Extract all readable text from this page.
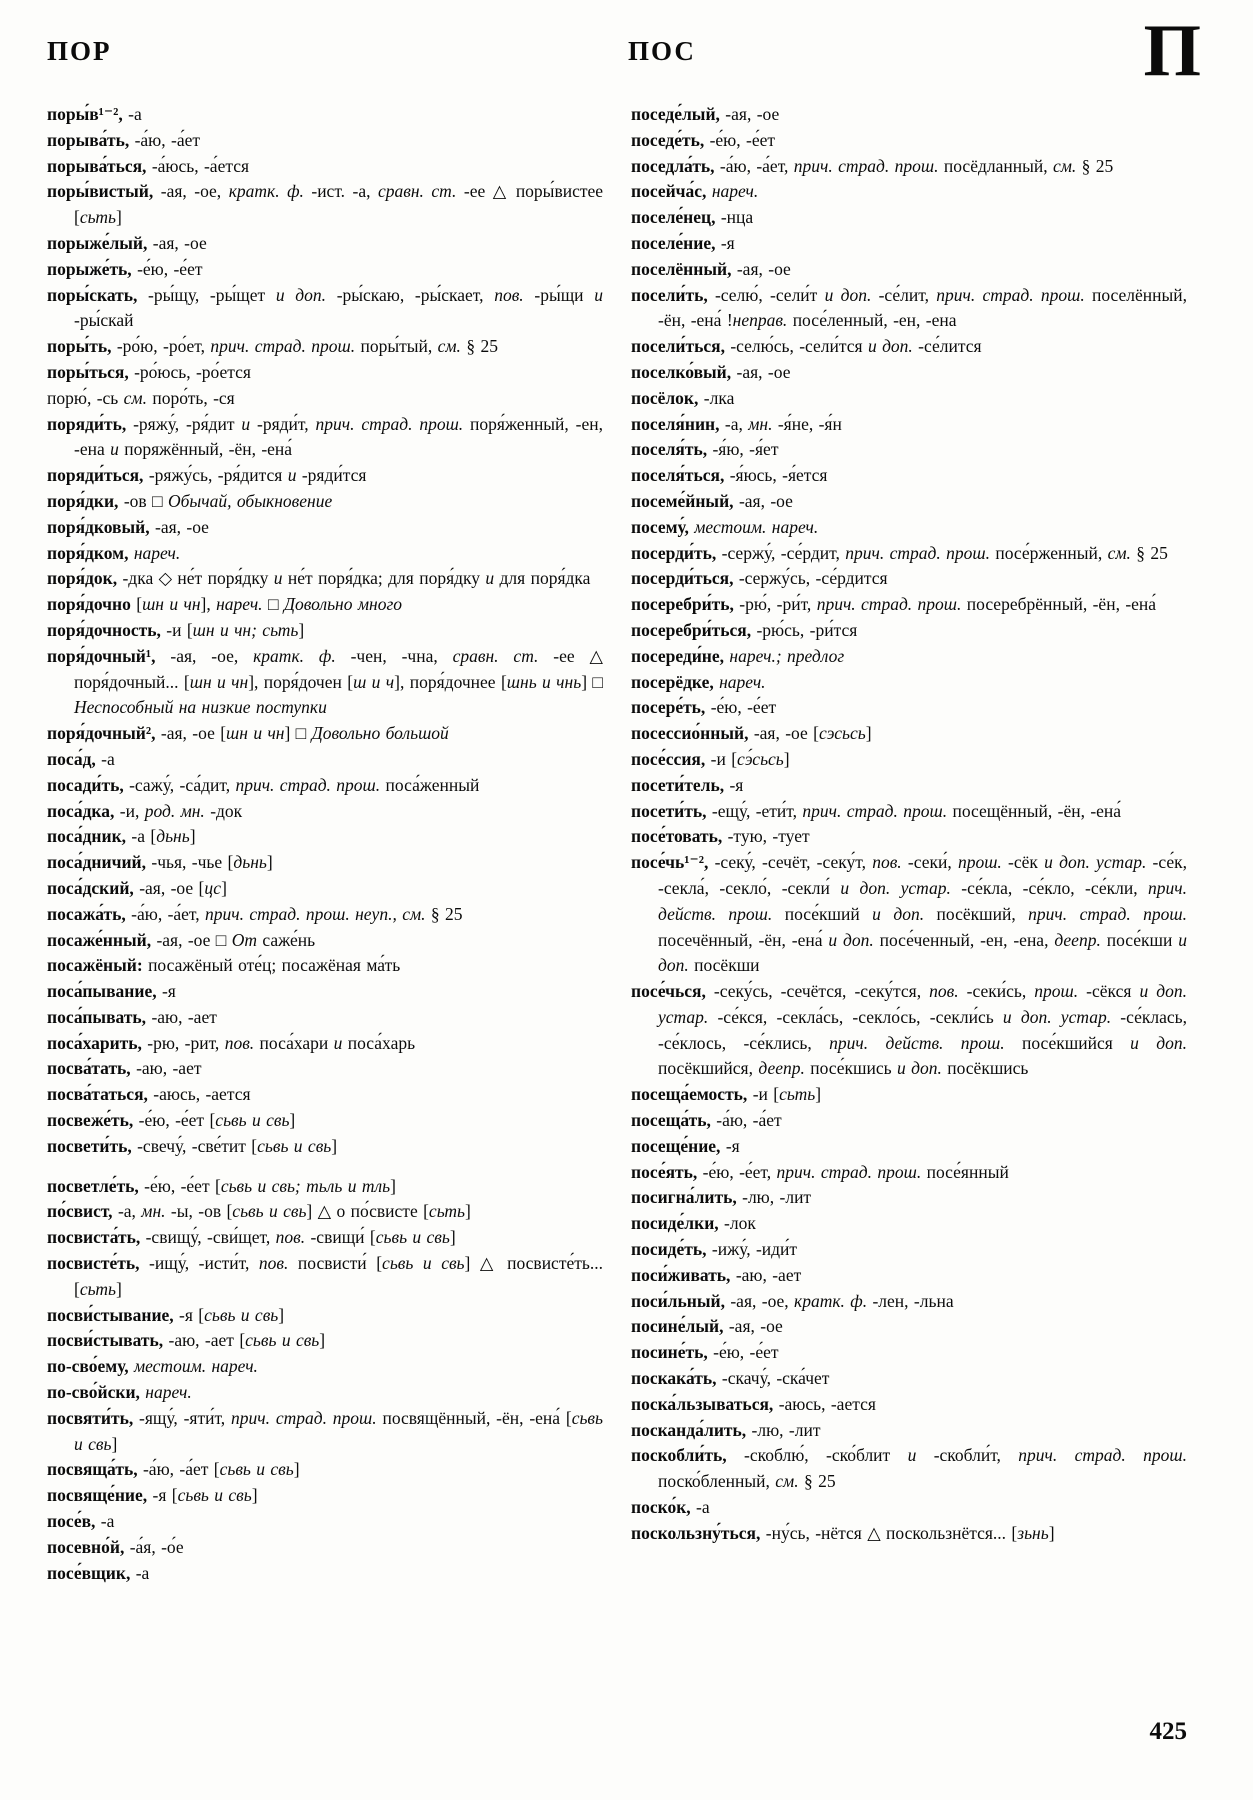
ПОР	ПОС	П

поры́в¹⁻², -а

порыва́ть, -а́ю, -а́ет

порыва́ться, -а́юсь, -а́ется

поры́вистый, -ая, -ое, кратк. ф. -ист. -а, сравн. ст. -ее △ поры́вистее [сьть]

порыже́лый, -ая, -ое

порыже́ть, -е́ю, -е́ет

поры́скать, -ры́щу, -ры́щет и доп. -ры́скаю, -ры́скает, пов. -ры́щи и -ры́скай

поры́ть, -ро́ю, -ро́ет, прич. страд. прош. поры́тый, см. § 25

поры́ться, -ро́юсь, -ро́ется

порю́, -сь см. поро́ть, -ся

поряди́ть, -ряжу́, -ря́дит и -ряди́т, прич. страд. прош. поря́женный, -ен, -ена и поряжённый, -ён, -ена́

поряди́ться, -ряжу́сь, -ря́дится и -ряди́тся

поря́дки, -ов □ Обычай, обыкновение

поря́дковый, -ая, -ое

поря́дком, нареч.

поря́док, -дка ◇ не́т поря́дку и не́т поря́дка; для поря́дку и для поря́дка

поря́дочно [шн и чн], нареч. □ Довольно много

поря́дочность, -и [шн и чн; сьть]

поря́дочный¹, -ая, -ое, кратк. ф. -чен, -чна, сравн. ст. -ее △ поря́дочный... [шн и чн], поря́дочен [ш и ч], поря́дочнее [шнь и чнь] □ Неспособный на низкие поступки

поря́дочный², -ая, -ое [шн и чн] □ Довольно большой

поса́д, -а

посади́ть, -сажу́, -са́дит, прич. страд. прош. поса́женный

поса́дка, -и, род. мн. -док

поса́дник, -а [дьнь]

поса́дничий, -чья, -чье [дьнь]

поса́дский, -ая, -ое [цс]

посажа́ть, -а́ю, -а́ет, прич. страд. прош. неуп., см. § 25

посаже́нный, -ая, -ое □ От саже́нь

посажёный: посажёный оте́ц; посажёная ма́ть

поса́пывание, -я

поса́пывать, -аю, -ает

поса́харить, -рю, -рит, пов. поса́хари и поса́харь

посва́тать, -аю, -ает

посва́таться, -аюсь, -ается

посвеже́ть, -е́ю, -е́ет [сьвь и свь]

посвети́ть, -свечу́, -све́тит [сьвь и свь]

посветле́ть, -е́ю, -е́ет [сьвь и свь; тьль и тль]

по́свист, -а, мн. -ы, -ов [сьвь и свь] △ о по́свисте [сьть]

посвиста́ть, -свищу́, -сви́щет, пов. -свищи́ [сьвь и свь]

посвисте́ть, -ищу́, -исти́т, пов. посвисти́ [сьвь и свь] △ посвисте́ть... [сьть]

посви́стывание, -я [сьвь и свь]

посви́стывать, -аю, -ает [сьвь и свь]

по-сво́ему, местоим. нареч.

по-сво́йски, нареч.

посвяти́ть, -ящу́, -яти́т, прич. страд. прош. посвящённый, -ён, -ена́ [сьвь и свь]

посвяща́ть, -а́ю, -а́ет [сьвь и свь]

посвяще́ние, -я [сьвь и свь]

посе́в, -а

посевно́й, -а́я, -о́е

посе́вщик, -а

поседе́лый, -ая, -ое

поседе́ть, -е́ю, -е́ет

поседла́ть, -а́ю, -а́ет, прич. страд. прош. посёдланный, см. § 25

посейча́с, нареч.

поселе́нец, -нца

поселе́ние, -я

поселённый, -ая, -ое

посели́ть, -селю́, -сели́т и доп. -се́лит, прич. страд. прош. поселённый, -ён, -ена́ !неправ. посе́ленный, -ен, -ена

посели́ться, -селю́сь, -сели́тся и доп. -се́лится

поселко́вый, -ая, -ое

посёлок, -лка

поселя́нин, -а, мн. -я́не, -я́н

поселя́ть, -я́ю, -я́ет

поселя́ться, -я́юсь, -я́ется

посеме́йный, -ая, -ое

посему́, местоим. нареч.

посерди́ть, -сержу́, -се́рдит, прич. страд. прош. посе́рженный, см. § 25

посерди́ться, -сержу́сь, -се́рдится

посеребри́ть, -рю́, -ри́т, прич. страд. прош. посеребрённый, -ён, -ена́

посеребри́ться, -рю́сь, -ри́тся

посереди́не, нареч.; предлог

посерёдке, нареч.

посере́ть, -е́ю, -е́ет

посессио́нный, -ая, -ое [сэсьсь]

посе́ссия, -и [сэ́сьсь]

посети́тель, -я

посети́ть, -ещу́, -ети́т, прич. страд. прош. посещённый, -ён, -ена́

посе́товать, -тую, -тует

посе́чь¹⁻², -секу́, -сечёт, -секу́т, пов. -секи́, прош. -сёк и доп. устар. -се́к, -секла́, -секло́, -секли́ и доп. устар. -се́кла, -се́кло, -се́кли, прич. действ. прош. посе́кший и доп. посёкший, прич. страд. прош. посечённый, -ён, -ена́ и доп. посе́ченный, -ен, -ена, деепр. посе́кши и доп. посёкши

посе́чься, -секу́сь, -сечётся, -секу́тся, пов. -секи́сь, прош. -сёкся и доп. устар. -се́кся, -секла́сь, -секло́сь, -секли́сь и доп. устар. -се́клась, -се́клось, -се́клись, прич. действ. прош. посе́кшийся и доп. посёкшийся, деепр. посе́кшись и доп. посёкшись

посеща́емость, -и [сьть]

посеща́ть, -а́ю, -а́ет

посеще́ние, -я

посе́ять, -е́ю, -е́ет, прич. страд. прош. посе́янный

посигна́лить, -лю, -лит

посиде́лки, -лок

посиде́ть, -ижу́, -иди́т

поси́живать, -аю, -ает

поси́льный, -ая, -ое, кратк. ф. -лен, -льна

посине́лый, -ая, -ое

посине́ть, -е́ю, -е́ет

поскака́ть, -скачу́, -ска́чет

поска́льзываться, -аюсь, -ается

посканда́лить, -лю, -лит

поскобли́ть, -скоблю́, -ско́блит и -скобли́т, прич. страд. прош. поско́бленный, см. § 25

поско́к, -а

поскользну́ться, -ну́сь, -нётся △ поскользнётся... [зьнь]

425
